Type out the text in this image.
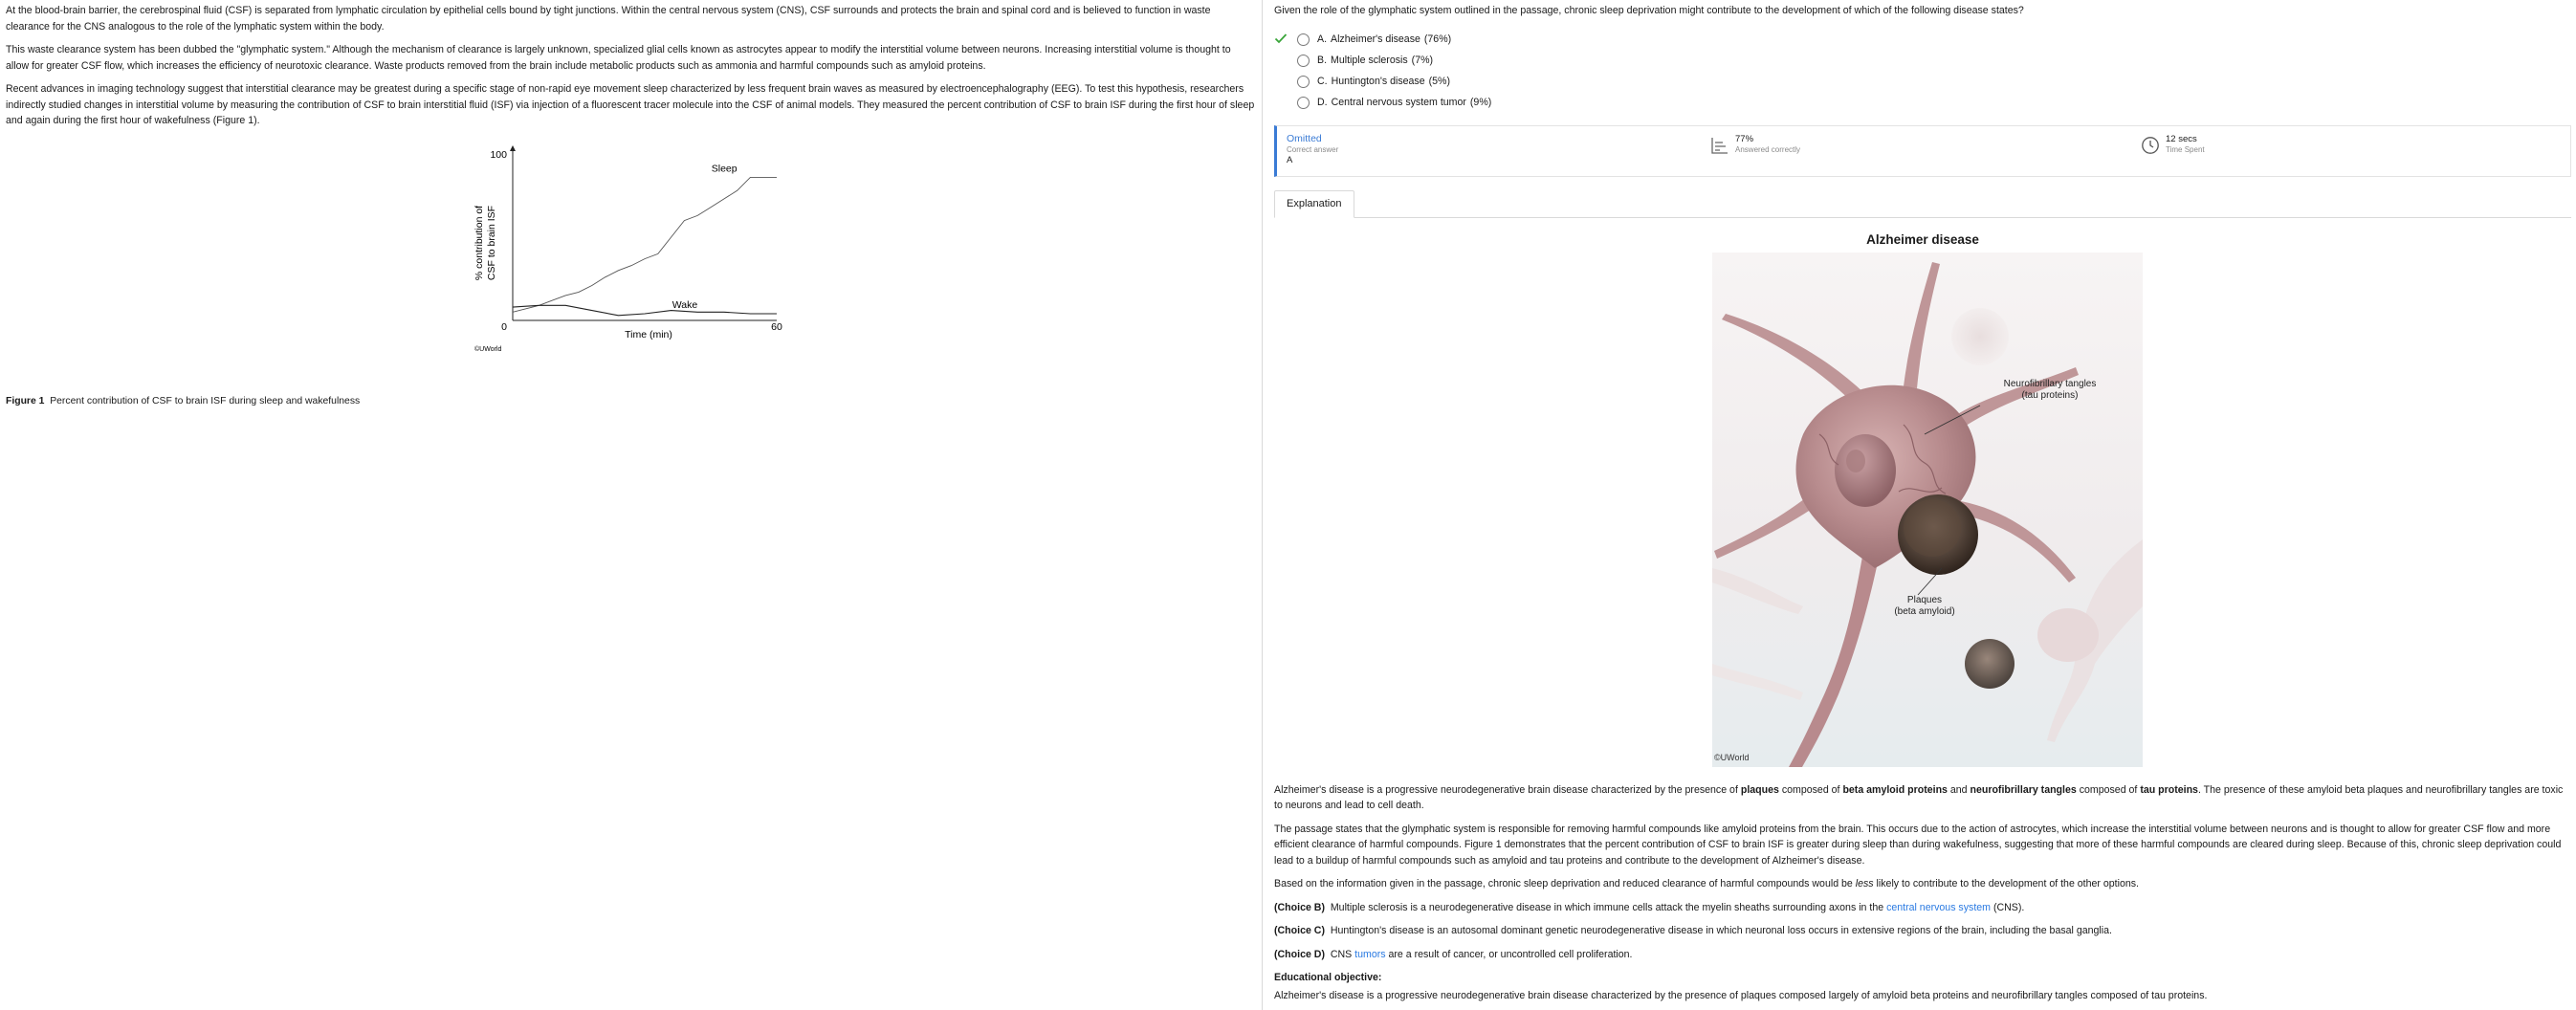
At the blood-brain barrier, the cerebrospinal fluid (CSF) is separated from lymphatic circulation by epithelial cells bound by tight junctions. Within the central nervous system (CNS), CSF surrounds and protects the brain and spinal cord and is believed to function in waste clearance for the CNS analogous to the role of the lymphatic system within the body.

This waste clearance system has been dubbed the "glymphatic system." Although the mechanism of clearance is largely unknown, specialized glial cells known as astrocytes appear to modify the interstitial volume between neurons. Increasing interstitial volume is thought to allow for greater CSF flow, which increases the efficiency of neurotoxic clearance. Waste products removed from the brain include metabolic products such as ammonia and harmful compounds such as amyloid proteins.

Recent advances in imaging technology suggest that interstitial clearance may be greatest during a specific stage of non-rapid eye movement sleep characterized by less frequent brain waves as measured by electroencephalography (EEG). To test this hypothesis, researchers indirectly studied changes in interstitial volume by measuring the contribution of CSF to brain interstitial fluid (ISF) via injection of a fluorescent tracer molecule into the CSF of animal models. They measured the percent contribution of CSF to brain ISF during the first hour of sleep and again during the first hour of wakefulness (Figure 1).

100
0	60
Time (min)
% contribution ofCSF to brain ISF
Sleep
Wake
©UWorld
Figure 1 Percent contribution of CSF to brain ISF during sleep and wakefulness
Given the role of the glymphatic system outlined in the passage, chronic sleep deprivation might contribute to the development of which of the following disease states?
A. Alzheimer's disease (76%)
B. Multiple sclerosis (7%)
C. Huntington's disease (5%)
D. Central nervous system tumor (9%)
Omitted
Correct answer
A
77%
Answered correctly
12 secs
Time Spent
Explanation
Alzheimer disease
Neurofibrillary tangles
(tau proteins)
Plaques
(beta amyloid)
©UWorld

Alzheimer's disease is a progressive neurodegenerative brain disease characterized by the presence of plaques composed of beta amyloid proteins and neurofibrillary tangles composed of tau proteins. The presence of these amyloid beta plaques and neurofibrillary tangles are toxic to neurons and lead to cell death.

The passage states that the glymphatic system is responsible for removing harmful compounds like amyloid proteins from the brain. This occurs due to the action of astrocytes, which increase the interstitial volume between neurons and is thought to allow for greater CSF flow and more efficient clearance of harmful compounds. Figure 1 demonstrates that the percent contribution of CSF to brain ISF is greater during sleep than during wakefulness, suggesting that more of these harmful compounds are cleared during sleep. Because of this, chronic sleep deprivation could lead to a buildup of harmful compounds such as amyloid and tau proteins and contribute to the development of Alzheimer's disease.

Based on the information given in the passage, chronic sleep deprivation and reduced clearance of harmful compounds would be less likely to contribute to the development of the other options.

(Choice B) Multiple sclerosis is a neurodegenerative disease in which immune cells attack the myelin sheaths surrounding axons in the central nervous system (CNS).

(Choice C) Huntington's disease is an autosomal dominant genetic neurodegenerative disease in which neuronal loss occurs in extensive regions of the brain, including the basal ganglia.

(Choice D) CNS tumors are a result of cancer, or uncontrolled cell proliferation.

Educational objective:
Alzheimer's disease is a progressive neurodegenerative brain disease characterized by the presence of plaques composed largely of amyloid beta proteins and neurofibrillary tangles composed of tau proteins.
